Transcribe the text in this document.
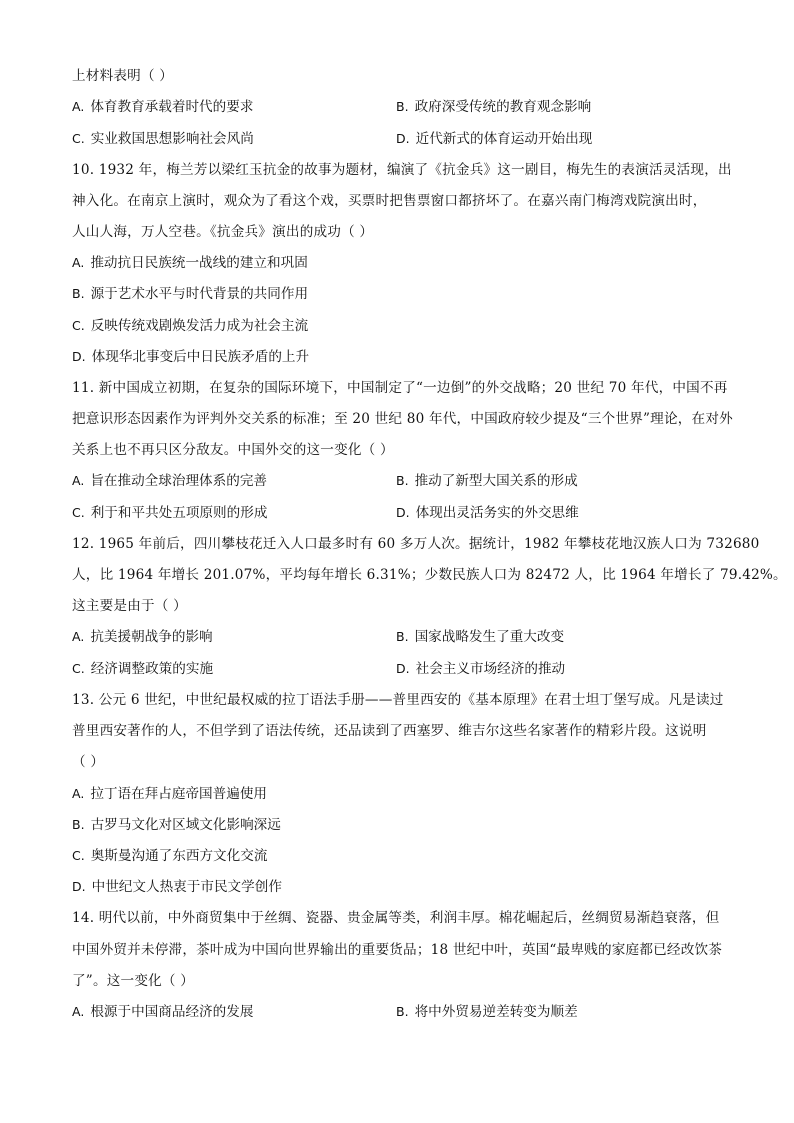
上材料表明（ ）
A. 体育教育承载着时代的要求	B. 政府深受传统的教育观念影响
C. 实业救国思想影响社会风尚	D. 近代新式的体育运动开始出现
10. 1932 年，梅兰芳以梁红玉抗金的故事为题材，编演了《抗金兵》这一剧目，梅先生的表演活灵活现，出
神入化。在南京上演时，观众为了看这个戏，买票时把售票窗口都挤坏了。在嘉兴南门梅湾戏院演出时，
人山人海，万人空巷。《抗金兵》演出的成功（ ）
A. 推动抗日民族统一战线的建立和巩固
B. 源于艺术水平与时代背景的共同作用
C. 反映传统戏剧焕发活力成为社会主流
D. 体现华北事变后中日民族矛盾的上升
11. 新中国成立初期，在复杂的国际环境下，中国制定了“一边倒”的外交战略；20 世纪 70 年代，中国不再
把意识形态因素作为评判外交关系的标准；至 20 世纪 80 年代，中国政府较少提及“三个世界”理论，在对外
关系上也不再只区分敌友。中国外交的这一变化（ ）
A. 旨在推动全球治理体系的完善	B. 推动了新型大国关系的形成
C. 利于和平共处五项原则的形成	D. 体现出灵活务实的外交思维
12. 1965 年前后，四川攀枝花迁入人口最多时有 60 多万人次。据统计，1982 年攀枝花地汉族人口为 732680
人，比 1964 年增长 201.07%，平均每年增长 6.31%；少数民族人口为 82472 人，比 1964 年增长了 79.42%。
这主要是由于（ ）
A. 抗美援朝战争的影响	B. 国家战略发生了重大改变
C. 经济调整政策的实施	D. 社会主义市场经济的推动
13. 公元 6 世纪，中世纪最权威的拉丁语法手册——普里西安的《基本原理》在君士坦丁堡写成。凡是读过
普里西安著作的人，不但学到了语法传统，还品读到了西塞罗、维吉尔这些名家著作的精彩片段。这说明
（ ）
A. 拉丁语在拜占庭帝国普遍使用
B. 古罗马文化对区域文化影响深远
C. 奥斯曼沟通了东西方文化交流
D. 中世纪文人热衷于市民文学创作
14. 明代以前，中外商贸集中于丝绸、瓷器、贵金属等类，利润丰厚。棉花崛起后，丝绸贸易渐趋衰落，但
中国外贸并未停滞，茶叶成为中国向世界输出的重要货品；18 世纪中叶，英国“最卑贱的家庭都已经改饮茶
了”。这一变化（ ）
A. 根源于中国商品经济的发展	B. 将中外贸易逆差转变为顺差
